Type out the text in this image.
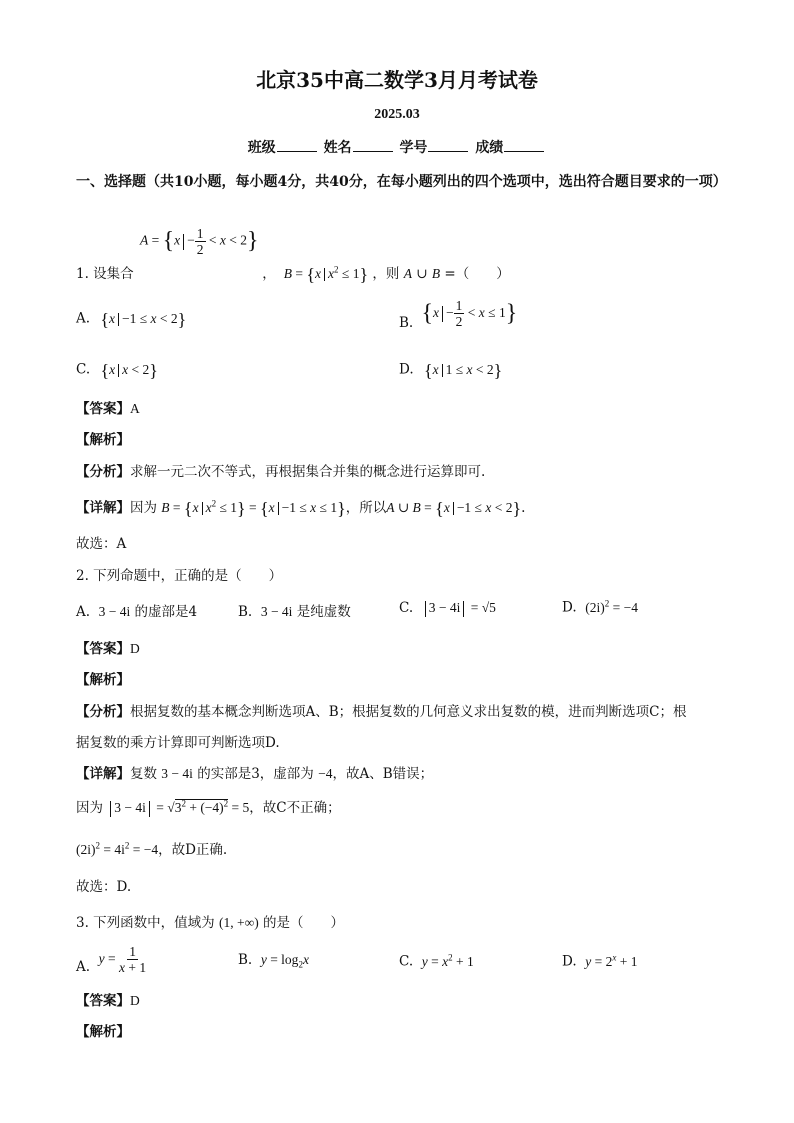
北京35中高二数学3月月考试卷
2025.03
班级	姓名	学号	成绩
一、选择题（共10小题，每小题4分，共40分，在每小题列出的四个选项中，选出符合题目要求的一项）
$A = \{x - \frac{1}{2} < x < 2\}$
1. 设集合	， B = {x $x^2 \le 1$} ，则 A ∪ B =（　　）
A. {x −1 ≤ x < 2}	B. $\{x - \frac{1}{2} < x \le 1\}$
C. {x x < 2}	D. {x 1 ≤ x < 2}
【答案】A
【解析】
【分析】求解一元二次不等式，再根据集合并集的概念进行运算即可.
【详解】因为 B = {x $x^2 \le 1\} = \{x -1 \le x \le 1\}$，所以A ∪ B = {x −1 ≤ x < 2}.
故选：A
2. 下列命题中，正确的是（　　）
A. 3 − 4i 的虚部是4	B. 3 − 4i 是纯虚数	C. 3 − 4i = √5	D. $(2i)^2 = -4$
【答案】D
【解析】
【分析】根据复数的基本概念判断选项A、B；根据复数的几何意义求出复数的模，进而判断选项C；根
据复数的乘方计算即可判断选项D.
【详解】复数 3 − 4i 的实部是3，虚部为 −4，故A、B错误；
因为 $3 - 4i = √3^2 + (-4)^2 = 5$，故C不正确；
$(2i)^2 = 4i^2 = -4$，故D正确.
故选：D.
3. 下列函数中，值域为 (1, +∞) 的是（　　）
A.  $y = \frac{1}{x + 1}$	B. $y = \log_2x$	C. $y = x^2 + 1$	D. $y = 2^x + 1$
【答案】D
【解析】
